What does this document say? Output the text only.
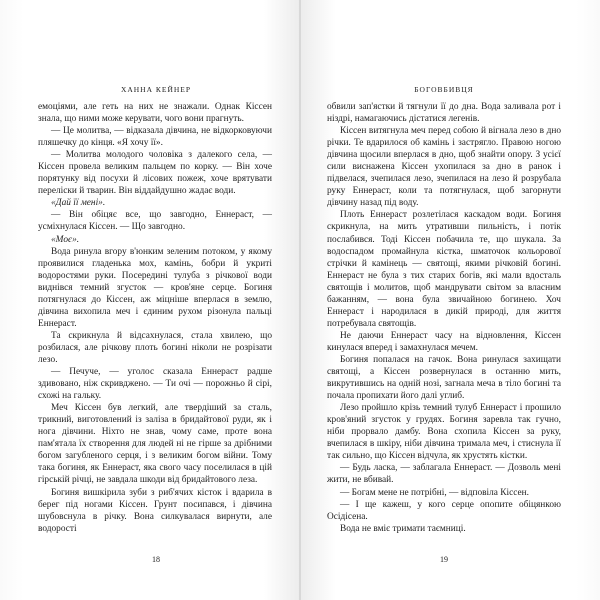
ХАННА КЕЙНЕР

емоціями, але геть на них не знажали. Однак Кіссен знала, що ними може керувати, чого вони прагнуть.

— Це молитва, — відказала дівчина, не відкорковуючи пляшечку до кінця. «Я хочу її».

— Молитва молодого чоловіка з далекого села, — Кіссен провела великим пальцем по корку. — Він хоче порятунку від посухи й лісових пожеж, хоче врятувати переліски й тварин. Він віддайдушно жадає води.

«Дай її мені».

— Він обіцяє все, що завгодно, Еннераст, — усміхнулася Кіссен. — Що завгодно.

«Моє».

Вода ринула вгору в'юнким зеленим потоком, у якому проявилися гладенька мох, камінь, бобри й укриті водоростями руки. Посередині тулуба з річкової води виднівся темний згусток — кров'яне серце. Богиня потягнулася до Кіссен, аж міцніше вперлася в землю, дівчина вихопила меч і єдиним рухом різонула пальці Еннераст.

Та скрикнула й відсахнулася, стала хвилею, що розбилася, але річкову плоть богині ніколи не розрізати лезо.

— Печуче, — уголос сказала Еннераст радше здивовано, ніж скривджено. — Ти очі — порожньо й сірі, схожі на гальку.

Меч Кіссен був легкий, але твердіший за сталь, трикний, виготовлений із заліза в бридайтової руди, як і нога дівчини. Ніхто не знав, чому саме, проте вона пам'ятала їх створення для людей ні не гірше за дрібними богом загубленого серця, і з великим богом війни. Тому така богиня, як Еннераст, яка свого часу поселилася в цій гірській річці, не завдала шкоди від бридайтового леза.

Богиня вишкірила зуби з риб'ячих кісток і вдарила в берег під ногами Кіссен. Грунт посипався, і дівчина шубовснула в річку. Вона силкувалася вирнути, але водорості

18
БОГОВБИВЦЯ

обвили зап'ястки й тягнули її до дна. Вода заливала рот і ніздрі, намагаючись дістатися легенів.

Кіссен витягнула меч перед собою й вігнала лезо в дно річки. Те вдарилося об камінь і застрягло. Правою ногою дівчина щосили вперлася в дно, щоб знайти опору. З усієї сили виснажена Кіссен ухопилася за дно в ранок і підвелася, зчепилася лезо, зчепилася на лезо й розрубала руку Еннераст, коли та потягнулася, щоб загорнути дівчину назад під воду.

Плоть Еннераст розлетілася каскадом води. Богиня скрикнула, на мить утративши пильність, і потік послабився. Тоді Кіссен побачила те, що шукала. За водоспадом промайнула кістка, шматочок кольорової стрічки й камінець — святощі, якими річковій богині. Еннераст не була з тих старих богів, які мали вдосталь святощів і молитов, щоб мандрувати світом за власним бажанням, — вона була звичайною богинею. Хоч Еннераст і народилася в дикій природі, для життя потребувала святощів.

Не даючи Еннераст часу на відновлення, Кіссен кинулася вперед і замахнулася мечем.

Богиня попалася на гачок. Вона ринулася захищати святощі, а Кіссен розвернулася в останню мить, викрутившись на одній нозі, загнала меча в тіло богині та почала пропихати його далі углиб.

Лезо пройшло крізь темний тулуб Еннераст і прошило кров'яний згусток у грудях. Богиня заревла так гучно, ніби прорвало дамбу. Вона схопила Кіссен за руку, вчепилася в шкіру, ніби дівчина тримала меч, і стиснула її так сильно, що Кіссен відчула, як хрустять кістки.

— Будь ласка, — заблагала Еннераст. — Дозволь мені жити, не вбивай.

— Богам мене не потрібні, — відповіла Кіссен.

— І ще кажеш, у кого серце опопите обіцянкою Осідісена.

Вода не вміє тримати таємниці.

19
